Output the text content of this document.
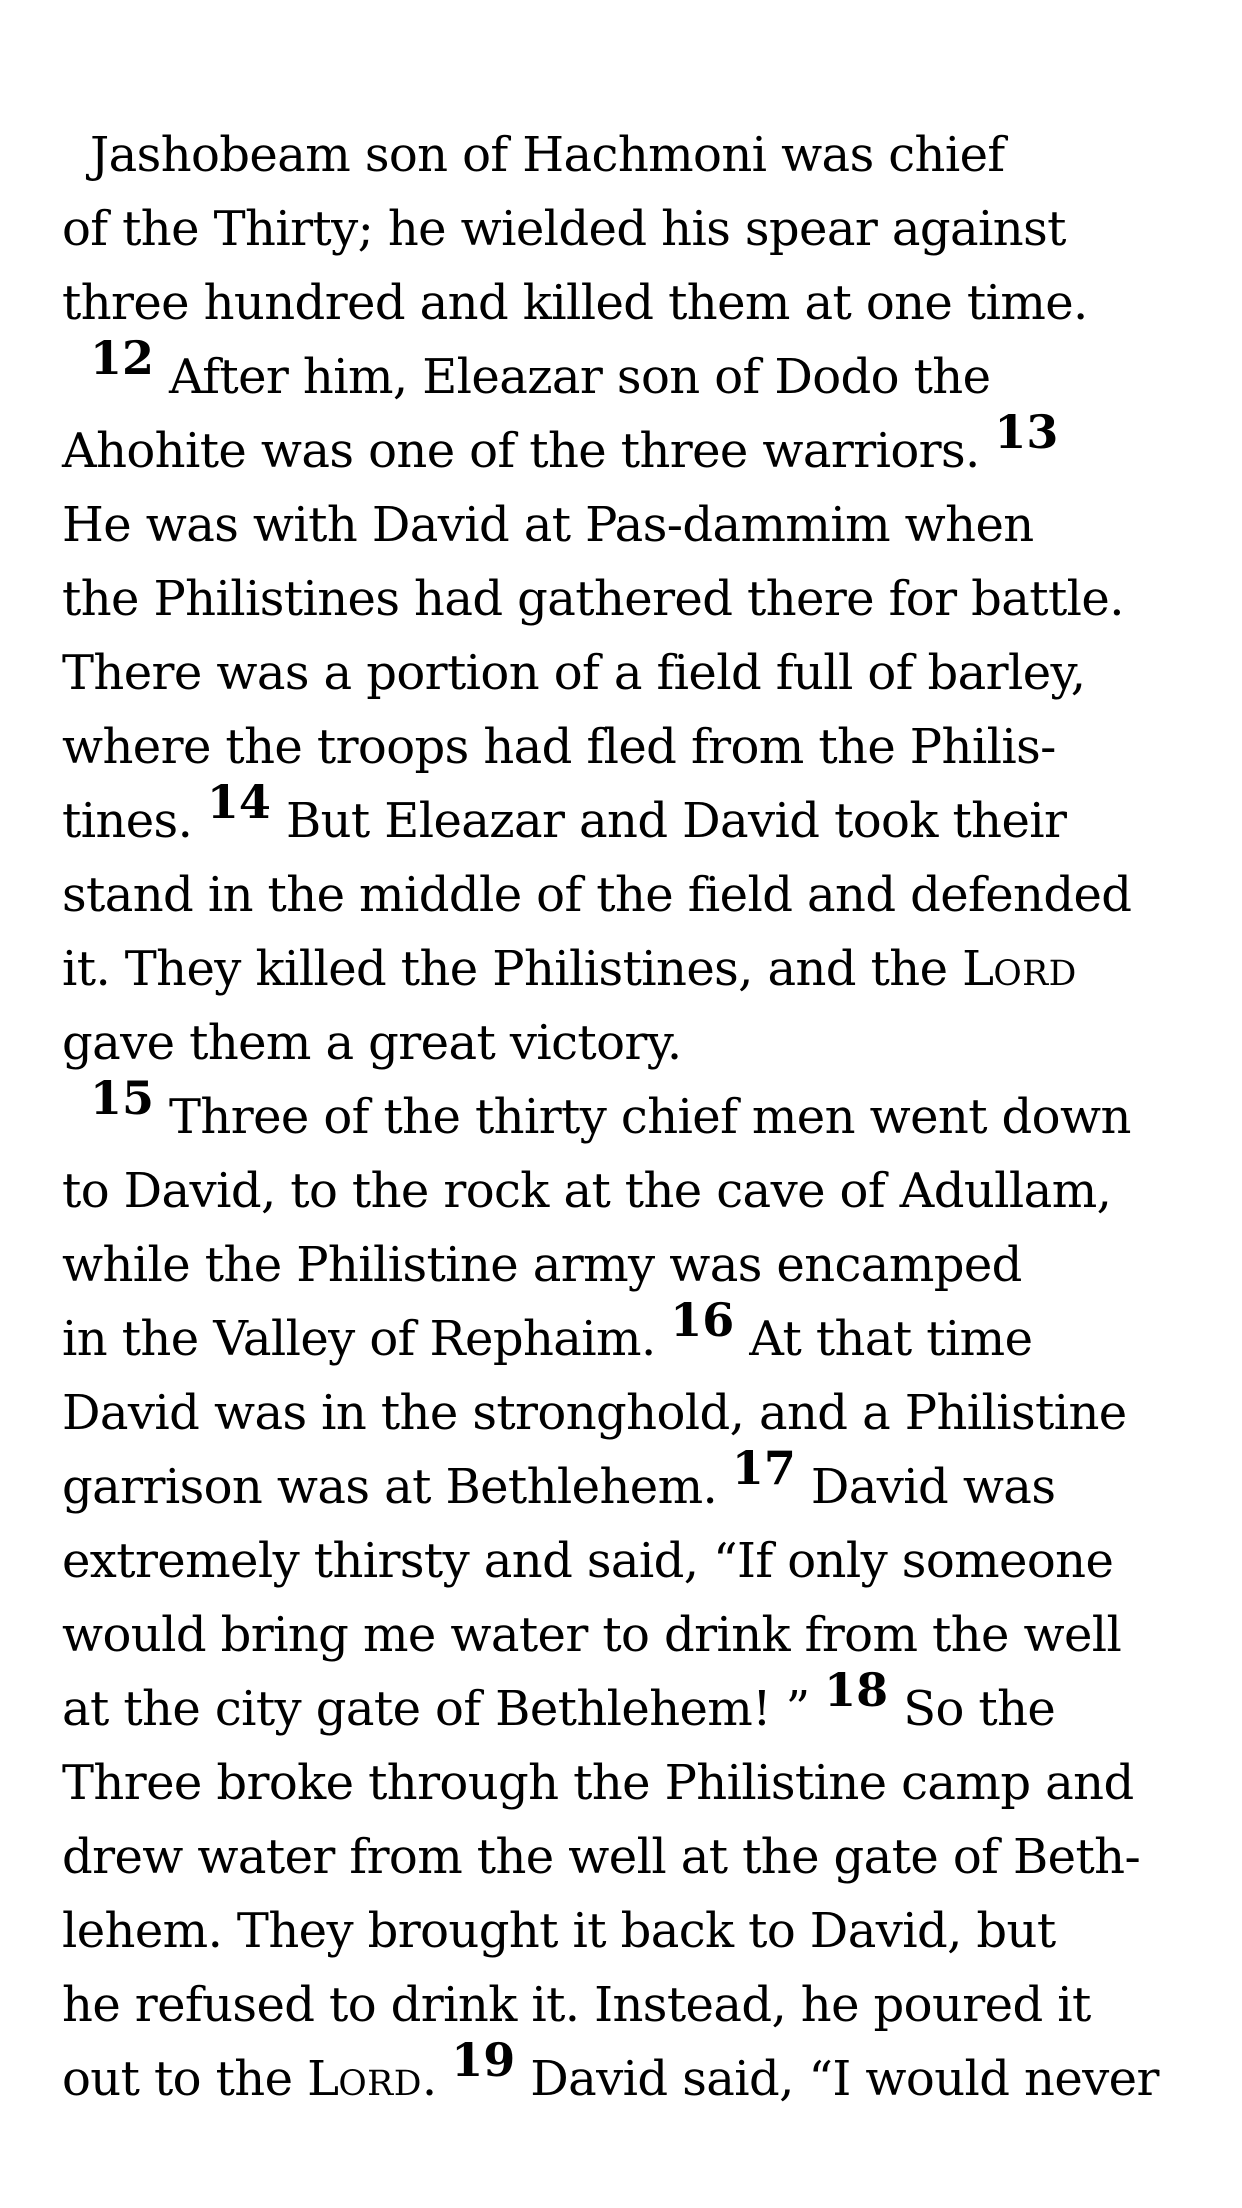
Jashobeam son of Hachmoni was chief
of the Thirty; he wielded his spear against
three hundred and killed them at one time.
12 After him, Eleazar son of Dodo the
Ahohite was one of the three warriors. 13
He was with David at Pas-dammim when
the Philistines had gathered there for battle.
There was a portion of a field full of barley,
where the troops had fled from the Philis-
tines. 14 But Eleazar and David took their
stand in the middle of the field and defended
it. They killed the Philistines, and the LORD
gave them a great victory.
15 Three of the thirty chief men went down
to David, to the rock at the cave of Adullam,
while the Philistine army was encamped
in the Valley of Rephaim. 16 At that time
David was in the stronghold, and a Philistine
garrison was at Bethlehem. 17 David was
extremely thirsty and said, “If only someone
would bring me water to drink from the well
at the city gate of Bethlehem! ” 18 So the
Three broke through the Philistine camp and
drew water from the well at the gate of Beth-
lehem. They brought it back to David, but
he refused to drink it. Instead, he poured it
out to the LORD. 19 David said, “I would never
